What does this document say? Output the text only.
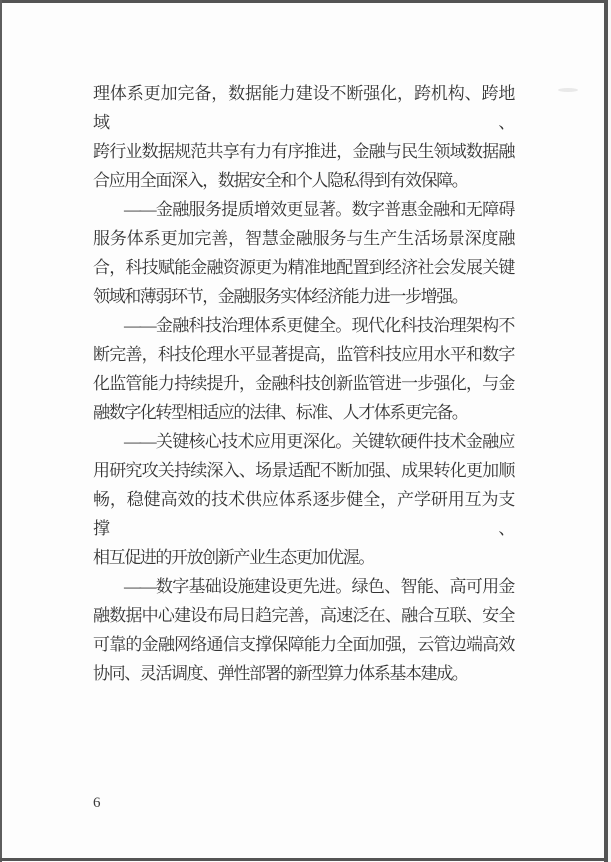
理体系更加完备，数据能力建设不断强化，跨机构、跨地域、
跨行业数据规范共享有力有序推进，金融与民生领域数据融
合应用全面深入，数据安全和个人隐私得到有效保障。
——金融服务提质增效更显著。数字普惠金融和无障碍
服务体系更加完善，智慧金融服务与生产生活场景深度融
合，科技赋能金融资源更为精准地配置到经济社会发展关键
领域和薄弱环节，金融服务实体经济能力进一步增强。
——金融科技治理体系更健全。现代化科技治理架构不
断完善，科技伦理水平显著提高，监管科技应用水平和数字
化监管能力持续提升，金融科技创新监管进一步强化，与金
融数字化转型相适应的法律、标准、人才体系更完备。
——关键核心技术应用更深化。关键软硬件技术金融应
用研究攻关持续深入、场景适配不断加强、成果转化更加顺
畅，稳健高效的技术供应体系逐步健全，产学研用互为支撑、
相互促进的开放创新产业生态更加优渥。
——数字基础设施建设更先进。绿色、智能、高可用金
融数据中心建设布局日趋完善，高速泛在、融合互联、安全
可靠的金融网络通信支撑保障能力全面加强，云管边端高效
协同、灵活调度、弹性部署的新型算力体系基本建成。
6
